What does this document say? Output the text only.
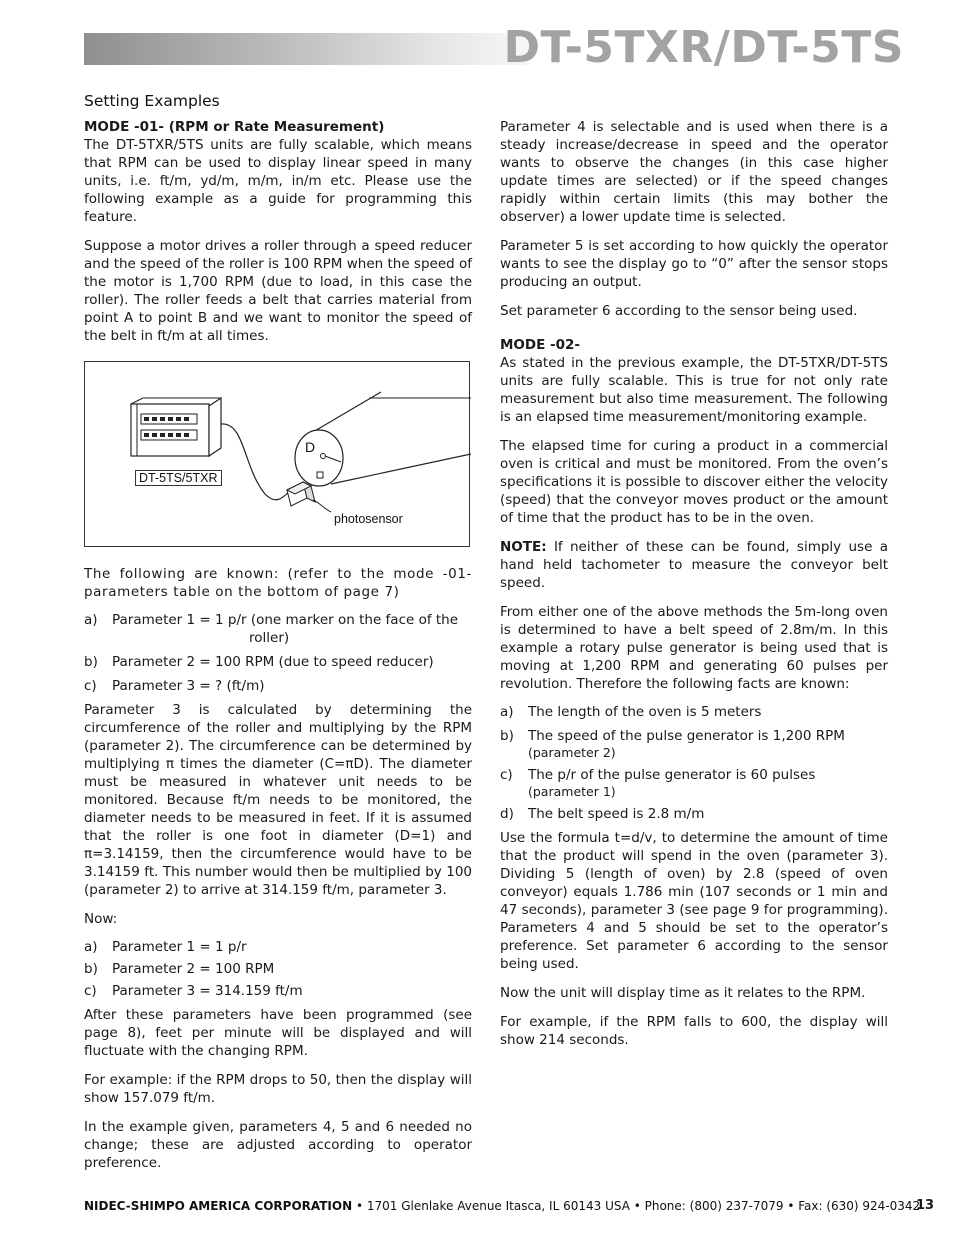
DT-5TXR/DT-5TS
Setting Examples

MODE -01- (RPM or Rate Measurement)

The DT-5TXR/5TS units are fully scalable, which means that RPM can be used to display linear speed in many units, i.e. ft/m, yd/m, m/m, in/m etc. Please use the following example as a guide for programming this feature.

Suppose a motor drives a roller through a speed reducer and the speed of the roller is 100 RPM when the speed of the motor is 1,700 RPM (due to load, in this case the roller). The roller feeds a belt that carries material from point A to point B and we want to monitor the speed of the belt in ft/m at all times.

DT-5TS/5TXR
D
photosensor

The following are known: (refer to the mode -01- parameters table on the bottom of page 7)

a) Parameter 1 = 1 p/r (one marker on the face of the
roller)
b) Parameter 2 = 100 RPM (due to speed reducer)
c) Parameter 3 = ? (ft/m)

Parameter 3 is calculated by determining the circumference of the roller and multiplying by the RPM (parameter 2). The circumference can be determined by multiplying π times the diameter (C=πD). The diameter must be measured in whatever unit needs to be monitored. Because ft/m needs to be monitored, the diameter needs to be measured in feet. If it is assumed that the roller is one foot in diameter (D=1) and π=3.14159, then the circumference would have to be 3.14159 ft. This number would then be multiplied by 100 (parameter 2) to arrive at 314.159 ft/m, parameter 3.

Now:

a) Parameter 1 = 1 p/r
b) Parameter 2 = 100 RPM
c) Parameter 3 = 314.159 ft/m

After these parameters have been programmed (see page 8), feet per minute will be displayed and will fluctuate with the changing RPM.

For example: if the RPM drops to 50, then the display will show 157.079 ft/m.

In the example given, parameters 4, 5 and 6 needed no change; these are adjusted according to operator preference.

Parameter 4 is selectable and is used when there is a steady increase/decrease in speed and the operator wants to observe the changes (in this case higher update times are selected) or if the speed changes rapidly within certain limits (this may bother the observer) a lower update time is selected.

Parameter 5 is set according to how quickly the operator wants to see the display go to “0” after the sensor stops producing an output.

Set parameter 6 according to the sensor being used.

MODE -02-

As stated in the previous example, the DT-5TXR/DT-5TS units are fully scalable. This is true for not only rate measurement but also time measurement. The following is an elapsed time measurement/monitoring example.

The elapsed time for curing a product in a commercial oven is critical and must be monitored. From the oven’s specifications it is possible to discover either the velocity (speed) that the conveyor moves product or the amount of time that the product has to be in the oven.

NOTE: If neither of these can be found, simply use a hand held tachometer to measure the conveyor belt speed.

From either one of the above methods the 5m-long oven is determined to have a belt speed of 2.8m/m. In this example a rotary pulse generator is being used that is moving at 1,200 RPM and generating 60 pulses per revolution. Therefore the following facts are known:

a) The length of the oven is 5 meters
b) The speed of the pulse generator is 1,200 RPM
(parameter 2)
c) The p/r of the pulse generator is 60 pulses
(parameter 1)
d) The belt speed is 2.8 m/m

Use the formula t=d/v, to determine the amount of time that the product will spend in the oven (parameter 3). Dividing 5 (length of oven) by 2.8 (speed of oven conveyor) equals 1.786 min (107 seconds or 1 min and 47 seconds), parameter 3 (see page 9 for programming). Parameters 4 and 5 should be set to the operator’s preference. Set parameter 6 according to the sensor being used.

Now the unit will display time as it relates to the RPM.

For example, if the RPM falls to 600, the display will show 214 seconds.

NIDEC-SHIMPO AMERICA CORPORATION • 1701 Glenlake Avenue Itasca, IL 60143 USA • Phone: (800) 237-7079 • Fax: (630) 924-0342
13
